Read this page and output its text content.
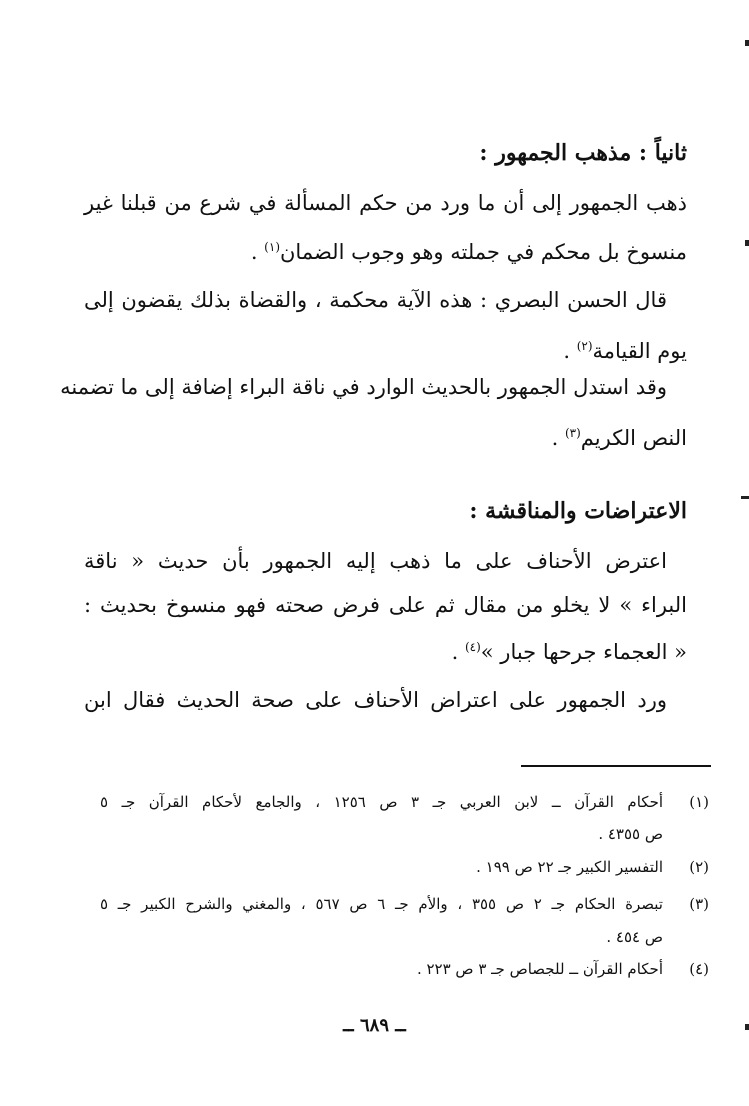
ثانياً : مذهب الجمهور :
ذهب الجمهور إلى أن ما ورد من حكم المسألة في شرع من قبلنا غير
منسوخ بل محكم في جملته وهو وجوب الضمان$^{(١)}$ .
قال الحسن البصري : هذه الآية محكمة ، والقضاة بذلك يقضون إلى
يوم القيامة$^{(٢)}$ .
وقد استدل الجمهور بالحديث الوارد في ناقة البراء إضافة إلى ما تضمنه
النص الكريم$^{(٣)}$ .
الاعتراضات والمناقشة :
اعترض الأحناف على ما ذهب إليه الجمهور بأن حديث « ناقة
البراء » لا يخلو من مقال ثم على فرض صحته فهو منسوخ بحديث :
« العجماء جرحها جبار »$^{(٤)}$ .
ورد الجمهور على اعتراض الأحناف على صحة الحديث فقال ابن
(١)
أحكام القرآن ــ لابن العربي جـ ٣ ص ١٢٥٦ ، والجامع لأحكام القرآن جـ ٥
ص ٤٣٥٥ .
(٢)
التفسير الكبير جـ ٢٢ ص ١٩٩ .
(٣)
تبصرة الحكام جـ ٢ ص ٣٥٥ ، والأم جـ ٦ ص ٥٦٧ ، والمغني والشرح الكبير جـ ٥
ص ٤٥٤ .
(٤)
أحكام القرآن ــ للجصاص جـ ٣ ص ٢٢٣ .
ــ ٦٨٩ ــ
